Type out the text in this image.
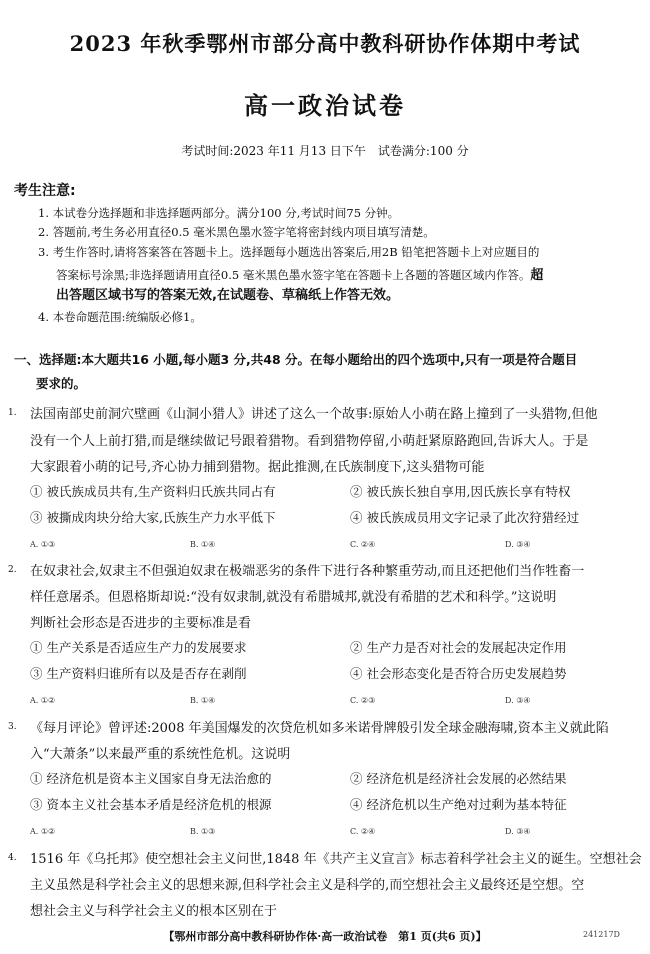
2023 年秋季鄂州市部分高中教科研协作体期中考试
高一政治试卷
考试时间:2023 年11 月13 日下午　试卷满分:100 分
考生注意:
1. 本试卷分选择题和非选择题两部分。满分100 分,考试时间75 分钟。
2. 答题前,考生务必用直径0.5 毫米黑色墨水签字笔将密封线内项目填写清楚。
3. 考生作答时,请将答案答在答题卡上。选择题每小题选出答案后,用2B 铅笔把答题卡上对应题目的
答案标号涂黑;非选择题请用直径0.5 毫米黑色墨水签字笔在答题卡上各题的答题区域内作答。超
出答题区域书写的答案无效,在试题卷、草稿纸上作答无效。
4. 本卷命题范围:统编版必修1。
一、选择题:本大题共16 小题,每小题3 分,共48 分。在每小题给出的四个选项中,只有一项是符合题目
要求的。
1. 法国南部史前洞穴壁画《山洞小猎人》讲述了这么一个故事:原始人小萌在路上撞到了一头猎物,但他
没有一个人上前打猎,而是继续做记号跟着猎物。看到猎物停留,小萌赶紧原路跑回,告诉大人。于是
大家跟着小萌的记号,齐心协力捕到猎物。据此推测,在氏族制度下,这头猎物可能
① 被氏族成员共有,生产资料归氏族共同占有	② 被氏族长独自享用,因氏族长享有特权
③ 被撕成肉块分给大家,氏族生产力水平低下	④ 被氏族成员用文字记录了此次狩猎经过
A. ①③	B. ①④	C. ②④	D. ③④
2. 在奴隶社会,奴隶主不但强迫奴隶在极端恶劣的条件下进行各种繁重劳动,而且还把他们当作牲畜一
样任意屠杀。但恩格斯却说:“没有奴隶制,就没有希腊城邦,就没有希腊的艺术和科学。”这说明
判断社会形态是否进步的主要标准是看
① 生产关系是否适应生产力的发展要求	② 生产力是否对社会的发展起决定作用
③ 生产资料归谁所有以及是否存在剥削	④ 社会形态变化是否符合历史发展趋势
A. ①②	B. ①④	C. ②③	D. ③④
3. 《每月评论》曾评述:2008 年美国爆发的次贷危机如多米诺骨牌般引发全球金融海啸,资本主义就此陷
入“大萧条”以来最严重的系统性危机。这说明
① 经济危机是资本主义国家自身无法治愈的	② 经济危机是经济社会发展的必然结果
③ 资本主义社会基本矛盾是经济危机的根源	④ 经济危机以生产绝对过剩为基本特征
A. ①②	B. ①③	C. ②④	D. ③④
4. 1516 年《乌托邦》使空想社会主义问世,1848 年《共产主义宣言》标志着科学社会主义的诞生。空想社会
主义虽然是科学社会主义的思想来源,但科学社会主义是科学的,而空想社会主义最终还是空想。空
想社会主义与科学社会主义的根本区别在于
【鄂州市部分高中教科研协作体·高一政治试卷　第1 页(共6 页)】	241217D
